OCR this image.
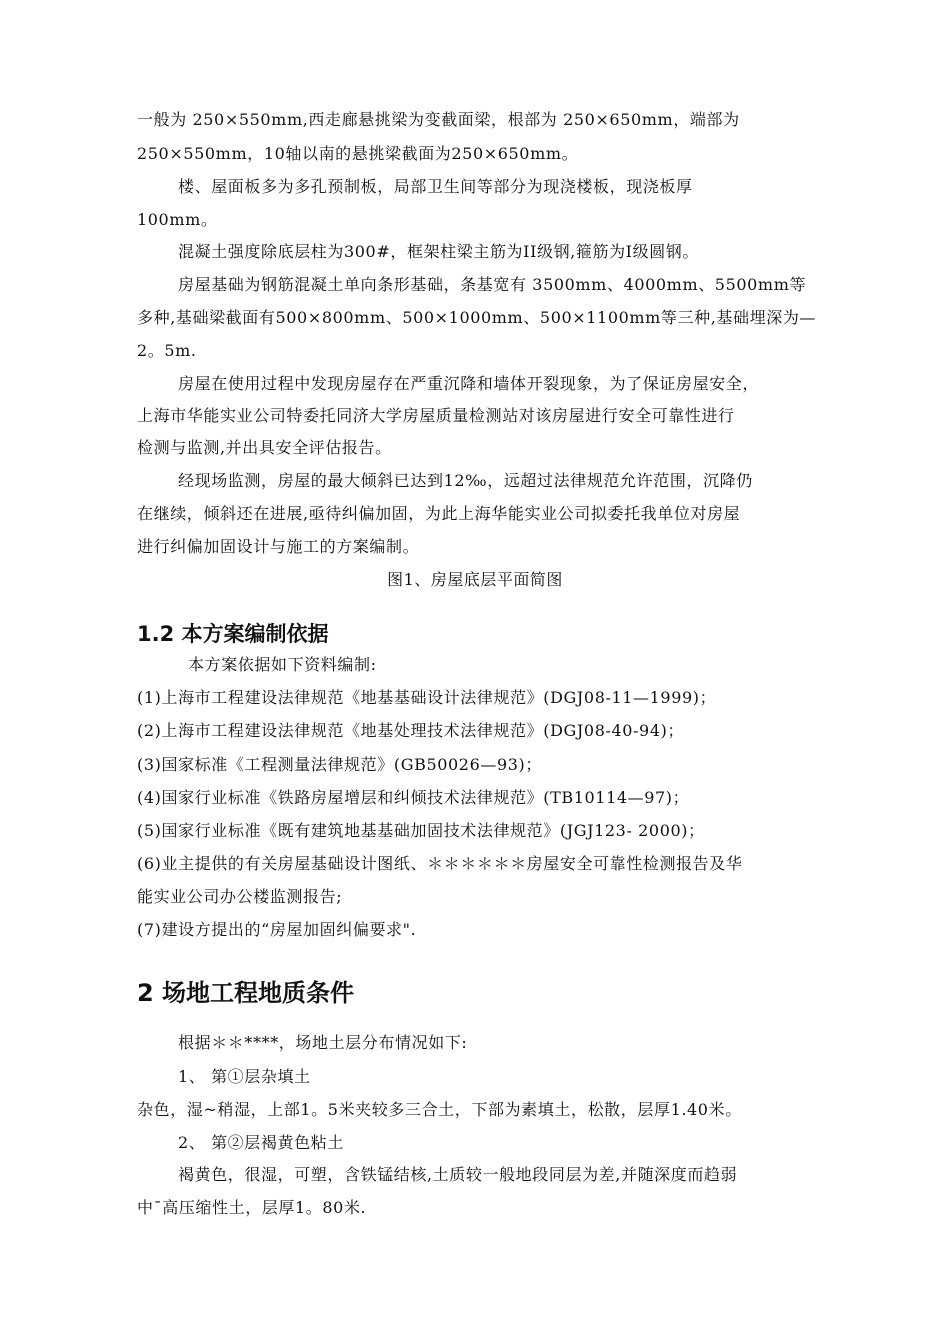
一般为 250×550mm,西走廊悬挑梁为变截面梁，根部为 250×650mm，端部为
250×550mm，10轴以南的悬挑梁截面为250×650mm。
楼、屋面板多为多孔预制板，局部卫生间等部分为现浇楼板，现浇板厚
100mm。
混凝土强度除底层柱为300#，框架柱梁主筋为II级钢,箍筋为I级圆钢。
房屋基础为钢筋混凝土单向条形基础，条基宽有 3500mm、4000mm、5500mm等
多种,基础梁截面有500×800mm、500×1000mm、500×1100mm等三种,基础埋深为—
2。5m.
房屋在使用过程中发现房屋存在严重沉降和墙体开裂现象，为了保证房屋安全，
上海市华能实业公司特委托同济大学房屋质量检测站对该房屋进行安全可靠性进行
检测与监测,并出具安全评估报告。
经现场监测，房屋的最大倾斜已达到12‰，远超过法律规范允许范围，沉降仍
在继续，倾斜还在进展,亟待纠偏加固，为此上海华能实业公司拟委托我单位对房屋
进行纠偏加固设计与施工的方案编制。
图1、房屋底层平面简图
1.2 本方案编制依据
本方案依据如下资料编制:
(1)上海市工程建设法律规范《地基基础设计法律规范》(DGJ08-11—1999)；
(2)上海市工程建设法律规范《地基处理技术法律规范》(DGJ08-40-94)；
(3)国家标准《工程测量法律规范》(GB50026—93)；
(4)国家行业标准《铁路房屋增层和纠倾技术法律规范》(TB10114—97)；
(5)国家行业标准《既有建筑地基基础加固技术法律规范》(JGJ123- 2000)；
(6)业主提供的有关房屋基础设计图纸、＊＊＊＊＊＊房屋安全可靠性检测报告及华
能实业公司办公楼监测报告;
(7)建设方提出的“房屋加固纠偏要求".
2 场地工程地质条件
根据＊＊****，场地土层分布情况如下:
1、 第①层杂填土
杂色，湿~稍湿，上部1。5米夹较多三合土，下部为素填土，松散，层厚1.40米。
2、 第②层褐黄色粘土
褐黄色，很湿，可塑，含铁锰结核,土质较一般地段同层为差,并随深度而趋弱
中¯高压缩性土，层厚1。80米.
